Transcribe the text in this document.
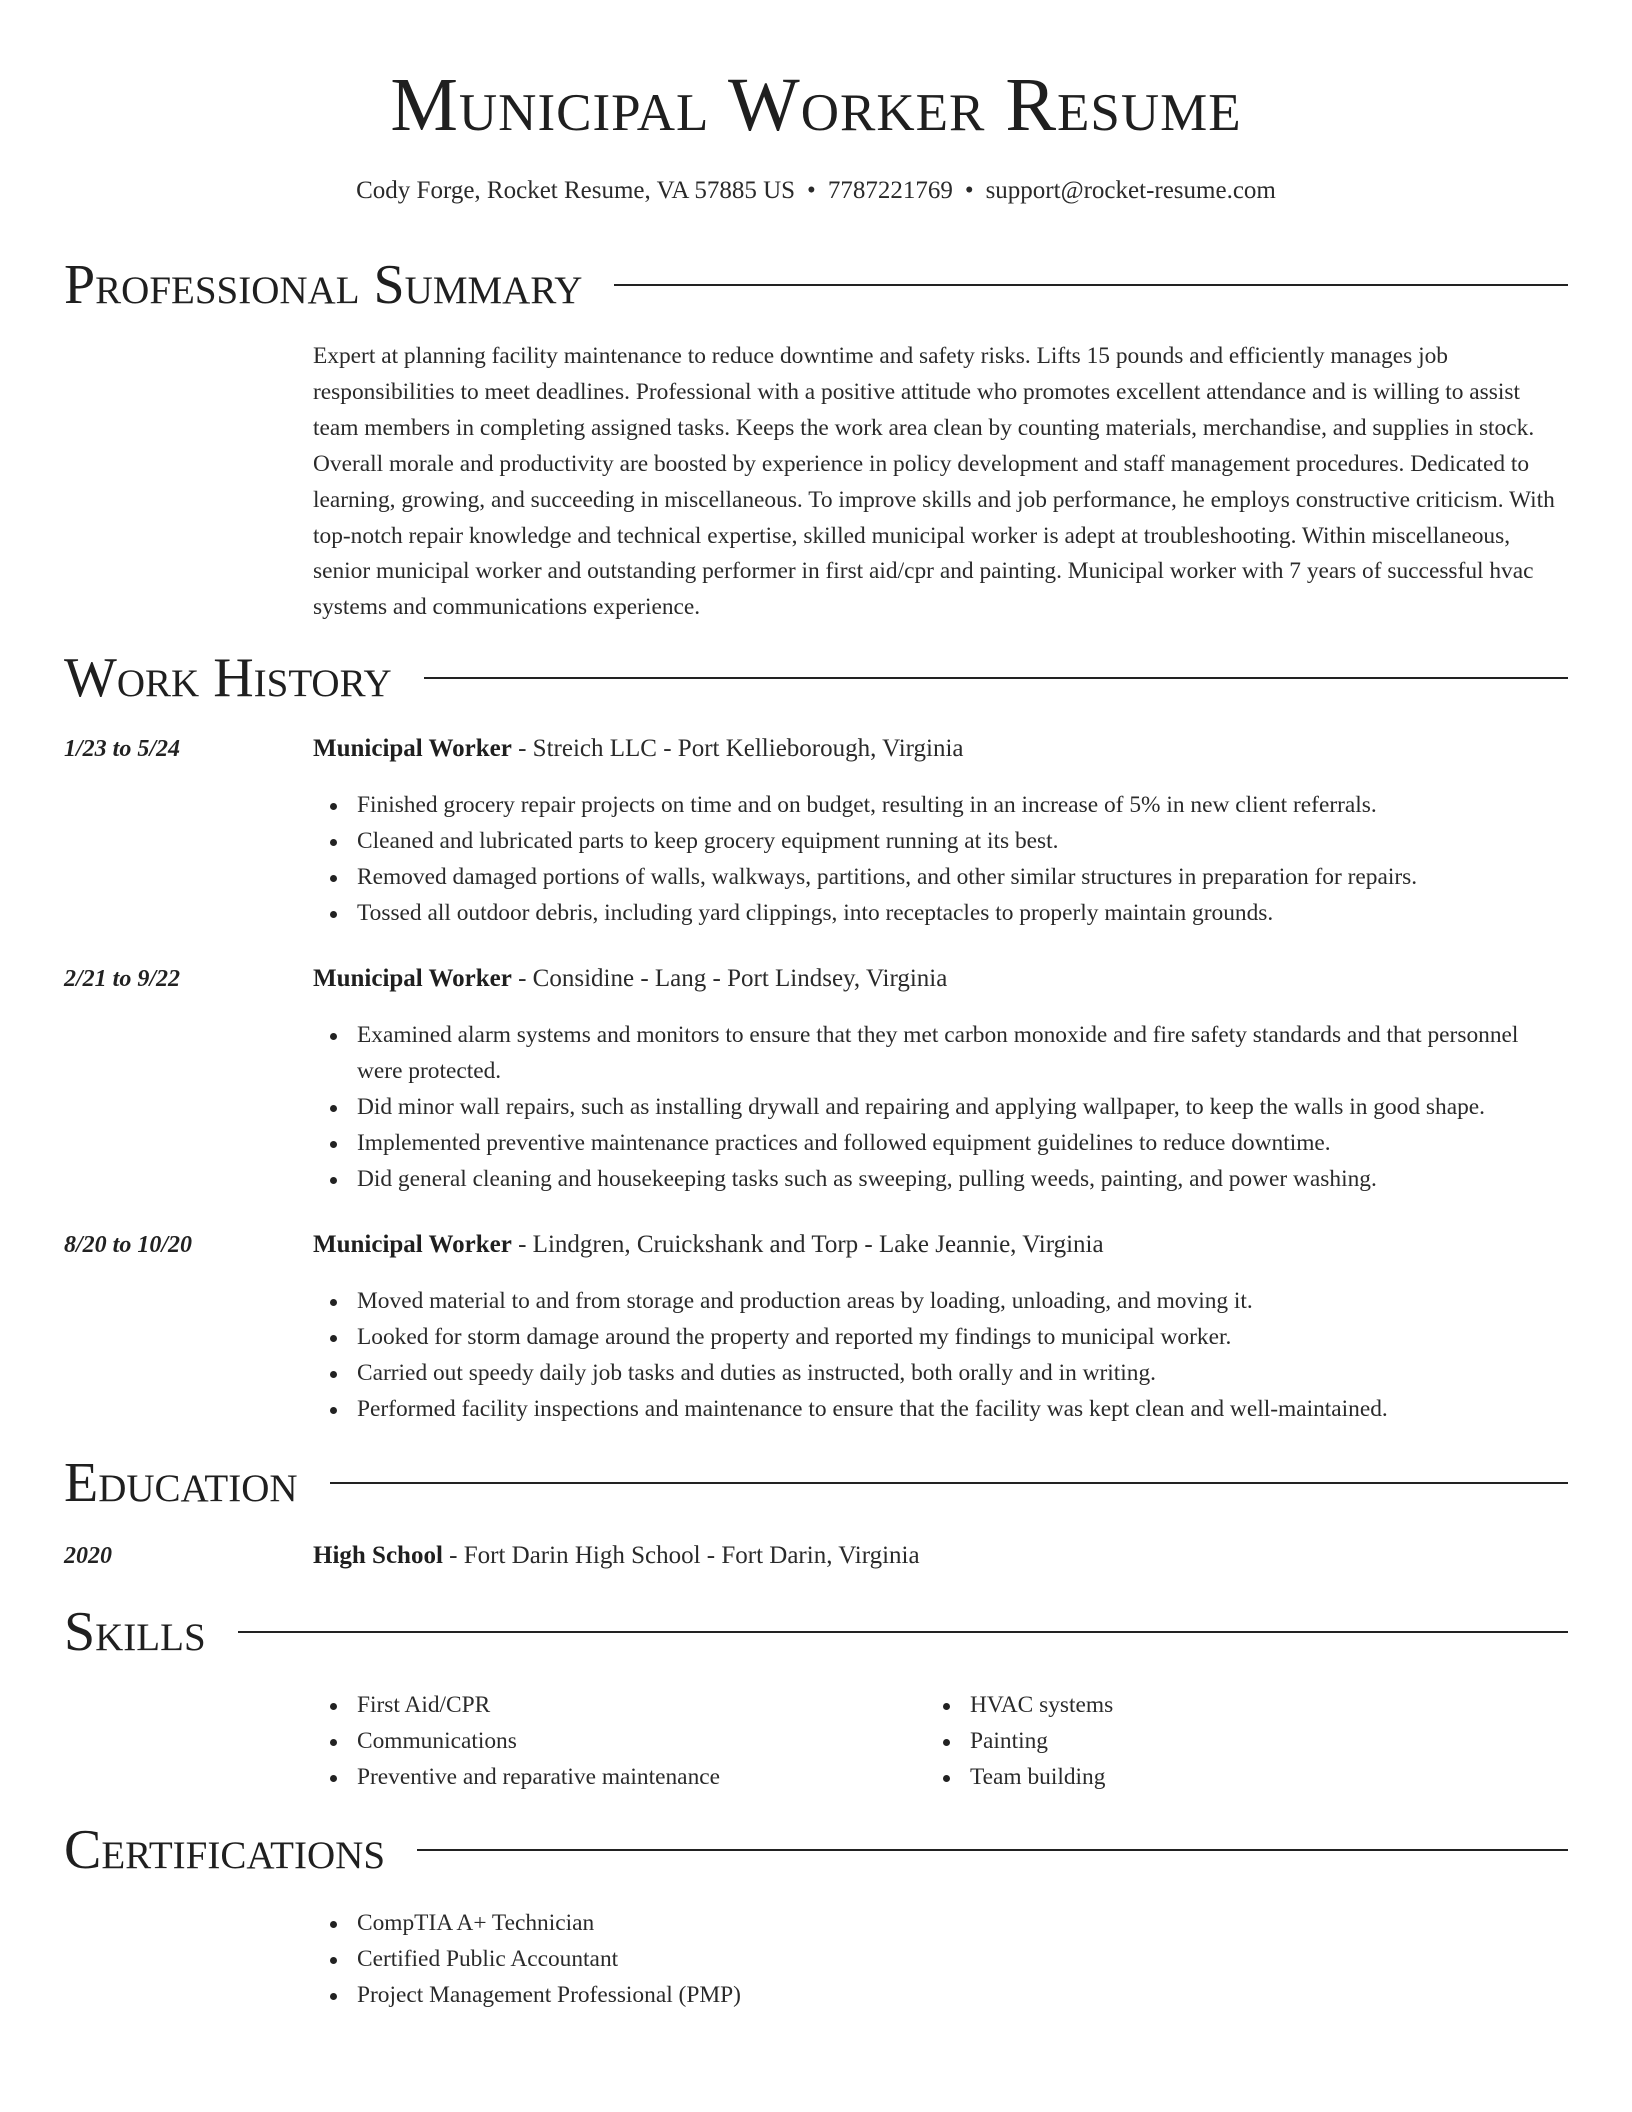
Municipal Worker Resume
Cody Forge, Rocket Resume, VA 57885 US • 7787221769 • support@rocket-resume.com
Professional Summary
Expert at planning facility maintenance to reduce downtime and safety risks. Lifts 15 pounds and efficiently manages job responsibilities to meet deadlines. Professional with a positive attitude who promotes excellent attendance and is willing to assist team members in completing assigned tasks. Keeps the work area clean by counting materials, merchandise, and supplies in stock. Overall morale and productivity are boosted by experience in policy development and staff management procedures. Dedicated to learning, growing, and succeeding in miscellaneous. To improve skills and job performance, he employs constructive criticism. With top-notch repair knowledge and technical expertise, skilled municipal worker is adept at troubleshooting. Within miscellaneous, senior municipal worker and outstanding performer in first aid/cpr and painting. Municipal worker with 7 years of successful hvac systems and communications experience.
Work History
1/23 to 5/24	Municipal Worker - Streich LLC - Port Kellieborough, Virginia
Finished grocery repair projects on time and on budget, resulting in an increase of 5% in new client referrals.
Cleaned and lubricated parts to keep grocery equipment running at its best.
Removed damaged portions of walls, walkways, partitions, and other similar structures in preparation for repairs.
Tossed all outdoor debris, including yard clippings, into receptacles to properly maintain grounds.
2/21 to 9/22	Municipal Worker - Considine - Lang - Port Lindsey, Virginia
Examined alarm systems and monitors to ensure that they met carbon monoxide and fire safety standards and that personnel were protected.
Did minor wall repairs, such as installing drywall and repairing and applying wallpaper, to keep the walls in good shape.
Implemented preventive maintenance practices and followed equipment guidelines to reduce downtime.
Did general cleaning and housekeeping tasks such as sweeping, pulling weeds, painting, and power washing.
8/20 to 10/20	Municipal Worker - Lindgren, Cruickshank and Torp - Lake Jeannie, Virginia
Moved material to and from storage and production areas by loading, unloading, and moving it.
Looked for storm damage around the property and reported my findings to municipal worker.
Carried out speedy daily job tasks and duties as instructed, both orally and in writing.
Performed facility inspections and maintenance to ensure that the facility was kept clean and well-maintained.
Education
2020	High School - Fort Darin High School - Fort Darin, Virginia
Skills
First Aid/CPR
Communications
Preventive and reparative maintenance
HVAC systems
Painting
Team building
Certifications
CompTIA A+ Technician
Certified Public Accountant
Project Management Professional (PMP)
